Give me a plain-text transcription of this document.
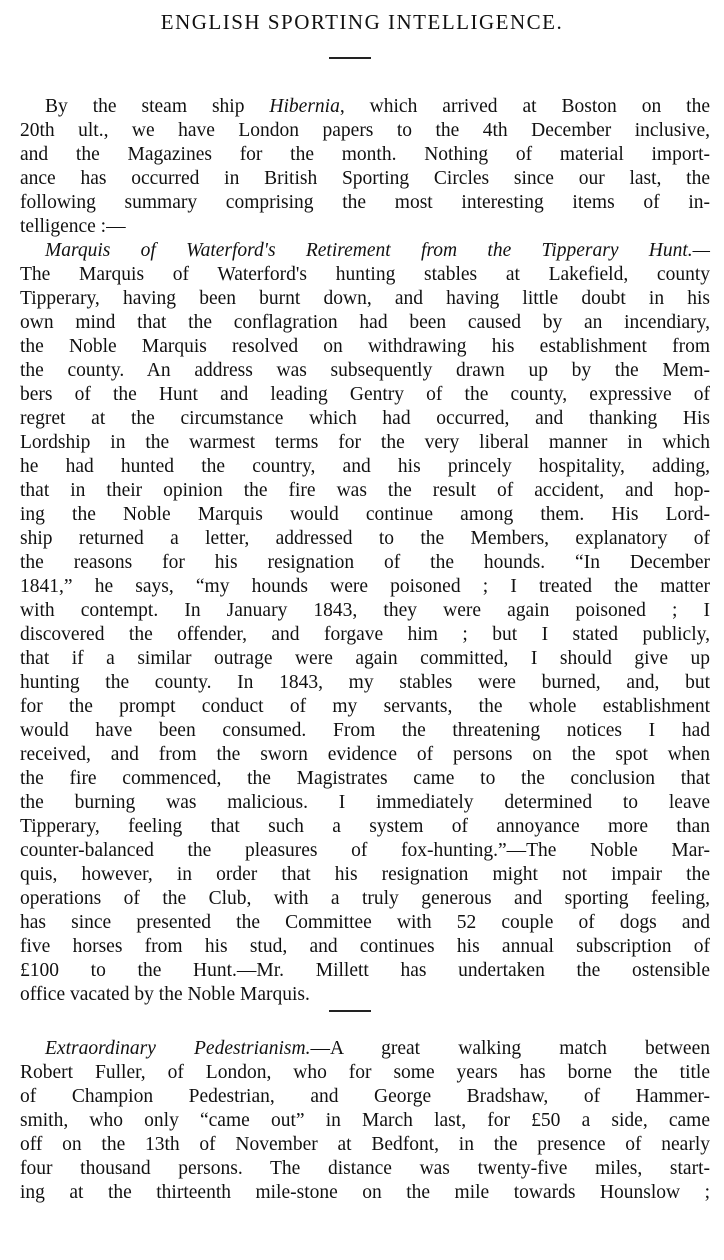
ENGLISH SPORTING INTELLIGENCE.
By the steam ship Hibernia, which arrived at Boston on the
20th ult., we have London papers to the 4th December inclusive,
and the Magazines for the month. Nothing of material import-
ance has occurred in British Sporting Circles since our last, the
following summary comprising the most interesting items of in-
telligence :—
Marquis of Waterford's Retirement from the Tipperary Hunt.—
The Marquis of Waterford's hunting stables at Lakefield, county
Tipperary, having been burnt down, and having little doubt in his
own mind that the conflagration had been caused by an incendiary,
the Noble Marquis resolved on withdrawing his establishment from
the county. An address was subsequently drawn up by the Mem-
bers of the Hunt and leading Gentry of the county, expressive of
regret at the circumstance which had occurred, and thanking His
Lordship in the warmest terms for the very liberal manner in which
he had hunted the country, and his princely hospitality, adding,
that in their opinion the fire was the result of accident, and hop-
ing the Noble Marquis would continue among them. His Lord-
ship returned a letter, addressed to the Members, explanatory of
the reasons for his resignation of the hounds. “In December
1841,” he says, “my hounds were poisoned ; I treated the matter
with contempt. In January 1843, they were again poisoned ; I
discovered the offender, and forgave him ; but I stated publicly,
that if a similar outrage were again committed, I should give up
hunting the county. In 1843, my stables were burned, and, but
for the prompt conduct of my servants, the whole establishment
would have been consumed. From the threatening notices I had
received, and from the sworn evidence of persons on the spot when
the fire commenced, the Magistrates came to the conclusion that
the burning was malicious. I immediately determined to leave
Tipperary, feeling that such a system of annoyance more than
counter-balanced the pleasures of fox-hunting.”—The Noble Mar-
quis, however, in order that his resignation might not impair the
operations of the Club, with a truly generous and sporting feeling,
has since presented the Committee with 52 couple of dogs and
five horses from his stud, and continues his annual subscription of
£100 to the Hunt.—Mr. Millett has undertaken the ostensible
office vacated by the Noble Marquis.
Extraordinary Pedestrianism.—A great walking match between
Robert Fuller, of London, who for some years has borne the title
of Champion Pedestrian, and George Bradshaw, of Hammer-
smith, who only “came out” in March last, for £50 a side, came
off on the 13th of November at Bedfont, in the presence of nearly
four thousand persons. The distance was twenty-five miles, start-
ing at the thirteenth mile-stone on the mile towards Hounslow ;
